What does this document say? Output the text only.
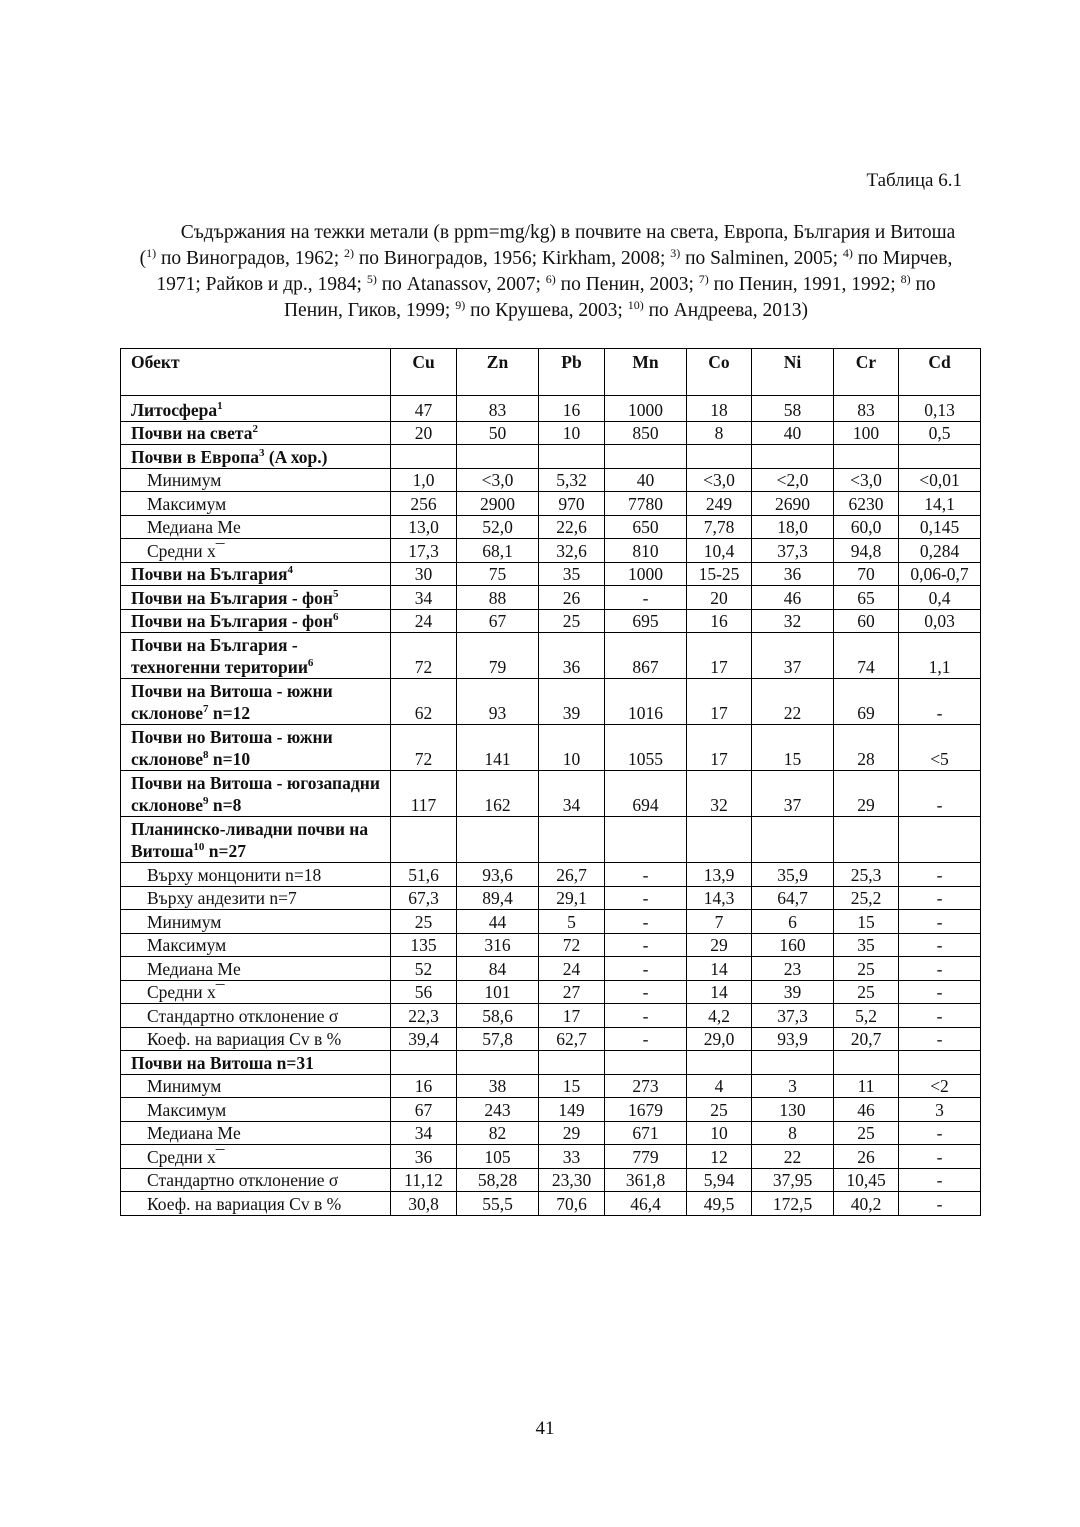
Таблица 6.1
Съдържания на тежки метали (в ppm=mg/kg) в почвите на света, Европа, България и Витоша ($^{1)}$ по Виноградов, 1962; $^{2)}$ по Виноградов, 1956; Kirkham, 2008; $^{3)}$ по Salminen, 2005; $^{4)}$ по Мирчев, 1971; Райков и др., 1984; $^{5)}$ по Atanassov, 2007; $^{6)}$ по Пенин, 2003; $^{7)}$ по Пенин, 1991, 1992; $^{8)}$ по Пенин, Гиков, 1999; $^{9)}$ по Крушева, 2003; $^{10)}$ по Андреева, 2013)
Обект	Cu	Zn	Pb	Mn	Co	Ni	Cr	Cd
Литосфера$^1$	47	83	16	1000	18	58	83	0,13
Почви на света$^2$	20	50	10	850	8	40	100	0,5
Почви в Европа$^3$ (A хор.)								
Минимум	1,0	<3,0	5,32	40	<3,0	<2,0	<3,0	<0,01
Максимум	256	2900	970	7780	249	2690	6230	14,1
Медиана Me	13,0	52,0	22,6	650	7,78	18,0	60,0	0,145
Средни x¯	17,3	68,1	32,6	810	10,4	37,3	94,8	0,284
Почви на България$^4$	30	75	35	1000	15-25	36	70	0,06-0,7
Почви на България - фон$^5$	34	88	26	-	20	46	65	0,4
Почви на България - фон$^6$	24	67	25	695	16	32	60	0,03
Почви на България - техногенни територии$^6$	72	79	36	867	17	37	74	1,1
Почви на Витоша - южни склонове$^7$ n=12	62	93	39	1016	17	22	69	-
Почви но Витоша - южни склонове$^8$ n=10	72	141	10	1055	17	15	28	<5
Почви на Витоша - югозападни склонове$^9$ n=8	117	162	34	694	32	37	29	-
Планинско-ливадни почви на Витоша$^{10}$ n=27								
Върху монцонити n=18	51,6	93,6	26,7	-	13,9	35,9	25,3	-
Върху андезити n=7	67,3	89,4	29,1	-	14,3	64,7	25,2	-
Минимум	25	44	5	-	7	6	15	-
Максимум	135	316	72	-	29	160	35	-
Медиана Me	52	84	24	-	14	23	25	-
Средни x¯	56	101	27	-	14	39	25	-
Стандартно отклонение σ	22,3	58,6	17	-	4,2	37,3	5,2	-
Коеф. на вариация Cv в %	39,4	57,8	62,7	-	29,0	93,9	20,7	-
Почви на Витоша n=31								
Минимум	16	38	15	273	4	3	11	<2
Максимум	67	243	149	1679	25	130	46	3
Медиана Me	34	82	29	671	10	8	25	-
Средни x¯	36	105	33	779	12	22	26	-
Стандартно отклонение σ	11,12	58,28	23,30	361,8	5,94	37,95	10,45	-
Коеф. на вариация Cv в %	30,8	55,5	70,6	46,4	49,5	172,5	40,2	-
41
